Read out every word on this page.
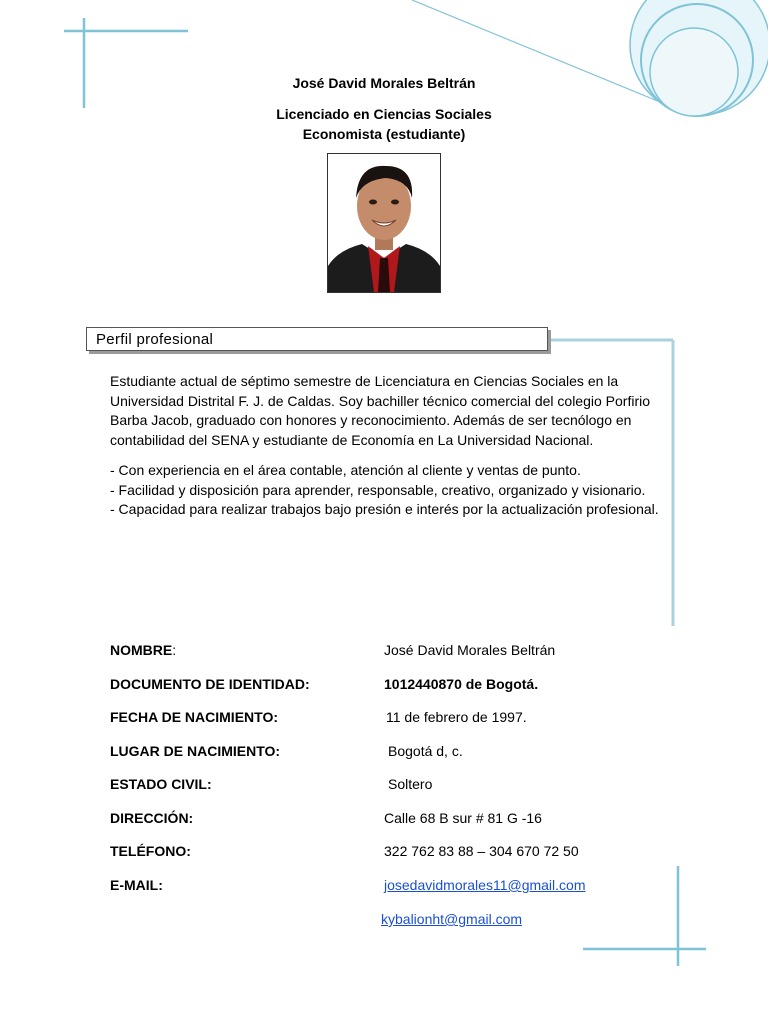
José David Morales Beltrán
Licenciado en Ciencias Sociales
Economista (estudiante)
Perfil profesional

Estudiante actual de séptimo semestre de Licenciatura en Ciencias Sociales en la Universidad Distrital F. J. de Caldas. Soy bachiller técnico comercial del colegio Porfirio Barba Jacob, graduado con honores y reconocimiento. Además de ser tecnólogo en contabilidad del SENA y estudiante de Economía en La Universidad Nacional.

- Con experiencia en el área contable, atención al cliente y ventas de punto.
- Facilidad y disposición para aprender, responsable, creativo, organizado y visionario.
- Capacidad para realizar trabajos bajo presión e interés por la actualización profesional.
NOMBRE:	José David Morales Beltrán
DOCUMENTO DE IDENTIDAD:	1012440870 de Bogotá.
FECHA DE NACIMIENTO:	11 de febrero de 1997.
LUGAR DE NACIMIENTO:	Bogotá d, c.
ESTADO CIVIL:	Soltero
DIRECCIÓN:	Calle 68 B sur # 81 G -16
TELÉFONO:	322 762 83 88 – 304 670 72 50
E-MAIL:	josedavidmorales11@gmail.com
kybalionht@gmail.com
